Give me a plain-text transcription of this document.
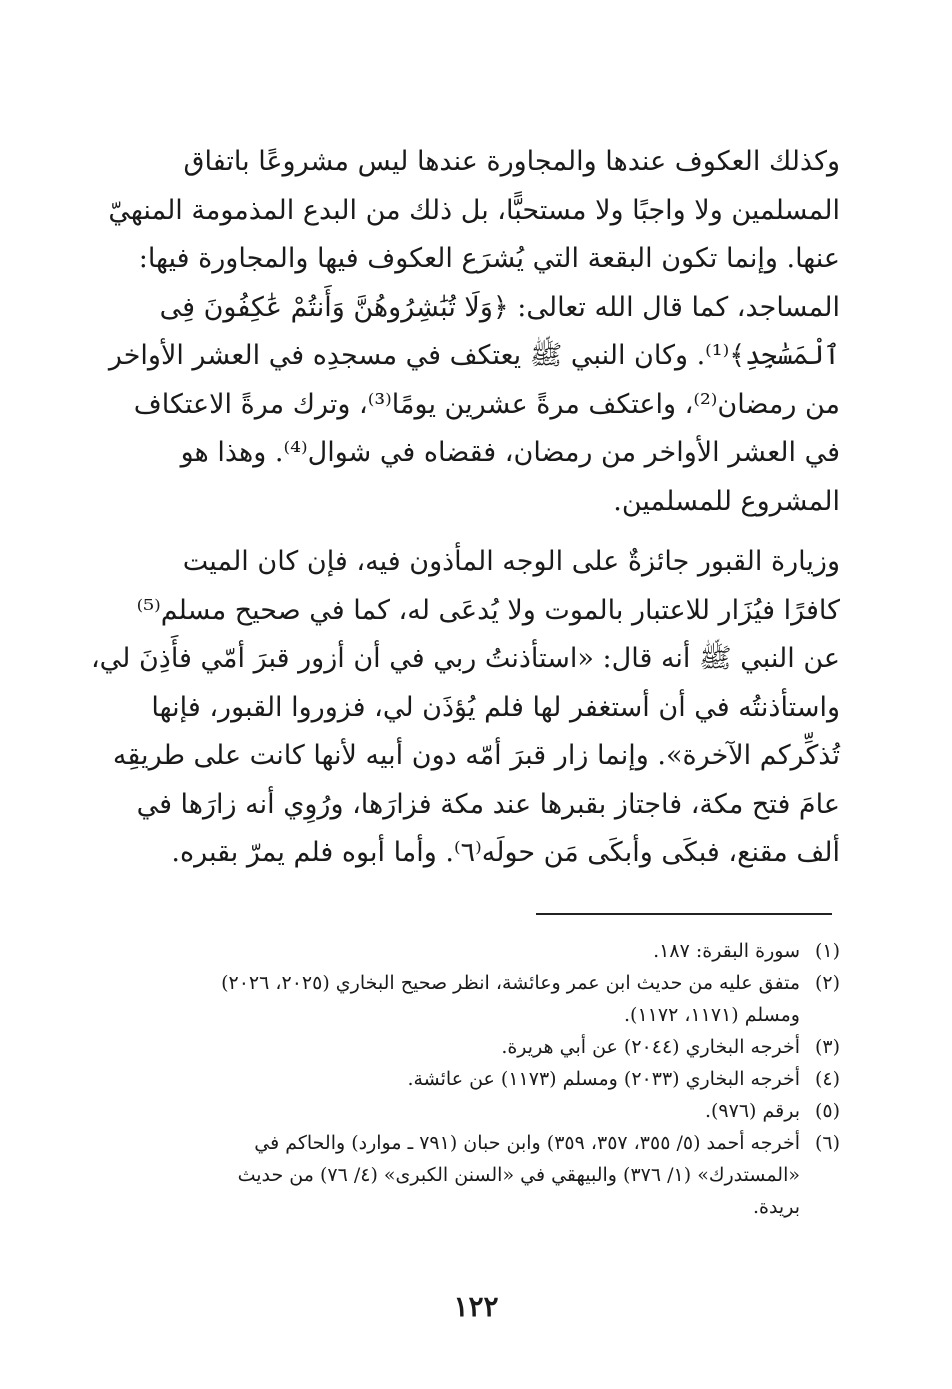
وكذلك العكوف عندها والمجاورة عندها ليس مشروعًا باتفاق
المسلمين ولا واجبًا ولا مستحبًّا، بل ذلك من البدع المذمومة المنهيّ
عنها. وإنما تكون البقعة التي يُشرَع العكوف فيها والمجاورة فيها:
المساجد، كما قال الله تعالى: ﴿وَلَا تُبَٰشِرُوهُنَّ وَأَنتُمْ عَٰكِفُونَ فِى
ٱلْمَسَٰجِدِ﴾⁽¹⁾. وكان النبي ﷺ يعتكف في مسجدِه في العشر الأواخر
من رمضان⁽²⁾، واعتكف مرةً عشرين يومًا⁽³⁾، وترك مرةً الاعتكاف
في العشر الأواخر من رمضان، فقضاه في شوال⁽⁴⁾. وهذا هو
المشروع للمسلمين.

وزيارة القبور جائزةٌ على الوجه المأذون فيه، فإن كان الميت
كافرًا فيُزَار للاعتبار بالموت ولا يُدعَى له، كما في صحيح مسلم⁽⁵⁾
عن النبي ﷺ أنه قال: «استأذنتُ ربي في أن أزور قبرَ أمّي فأَذِنَ لي،
واستأذنتُه في أن أستغفر لها فلم يُؤذَن لي، فزوروا القبور، فإنها
تُذكِّركم الآخرة». وإنما زار قبرَ أمّه دون أبيه لأنها كانت على طريقِه
عامَ فتح مكة، فاجتاز بقبرها عند مكة فزارَها، ورُوِي أنه زارَها في
ألف مقنع، فبكَى وأبكَى مَن حولَه⁽٦⁾. وأما أبوه فلم يمرّ بقبره.

(١)
سورة البقرة: ١٨٧.
(٢)
متفق عليه من حديث ابن عمر وعائشة، انظر صحيح البخاري (٢٠٢٥، ٢٠٢٦)
ومسلم (١١٧١، ١١٧٢).
(٣)
أخرجه البخاري (٢٠٤٤) عن أبي هريرة.
(٤)
أخرجه البخاري (٢٠٣٣) ومسلم (١١٧٣) عن عائشة.
(٥)
برقم (٩٧٦).
(٦)
أخرجه أحمد (٥/ ٣٥٥، ٣٥٧، ٣٥٩) وابن حبان (٧٩١ ـ موارد) والحاكم في
«المستدرك» (١/ ٣٧٦) والبيهقي في «السنن الكبرى» (٤/ ٧٦) من حديث
بريدة.
١٢٢
